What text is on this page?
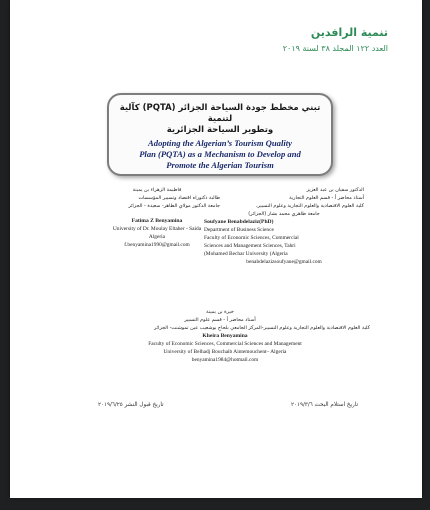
تنمية الرافدين
العدد ١٢٢ المجلد ٣٨ لسنة ٢٠١٩
تبني مخطط جودة السياحة الجزائر (PQTA) كآلية لتنمية
وتطوير السياحة الجزائرية
Adopting the Algerian’s Tourism Quality
Plan (PQTA) as a Mechanism to Develop and
Promote the Algerian Tourism
الدكتور سفيان بن عبد العزيز
أستاذ محاضر أ - قسم العلوم التجارية
كلية العلوم الاقتصادية والعلوم التجارية وعلوم التسيير،
جامعة طاهري محمد بشار (الجزائر)
Soufyane Benabdelaziz(PhD)
Department of Business Science
Faculty of Economic Sciences, Commercial
Sciences and Management Sciences, Tahri
(Mohamed Bechar University (Algeria
benabdelazizsoufyane@gmail.com
فاطيمة الزهراء بن يمينة
طالبة دكتوراه اقتصاد وتسيير المؤسسات
جامعة الدكتور مولاي الطاهر- سعيدة - الجزائر
Fatima Z Benyamina
University of Dr. Moulay Eltaher - Saida
Algeria
f.benyamina1990@gmail.com
خيرة بن يمينة
أستاذ محاضر أ - قسم علوم التسيير
كلية العلوم الاقتصادية والعلوم التجارية وعلوم التسيير-المركز الجامعي بلحاج بوشعيب عين تموشنت- الجزائر
Kheira Benyamina
Faculty of Economic Sciences, Commercial Sciences and Management
University of Belhadj Bouchaib Aintemouchent– Algeria
benyamina1984@hotmail.com
تاريخ استلام البحث ٢٠١٩/٣/٦
تاريخ قبول النشر ٢٠١٩/٦/٢٥
